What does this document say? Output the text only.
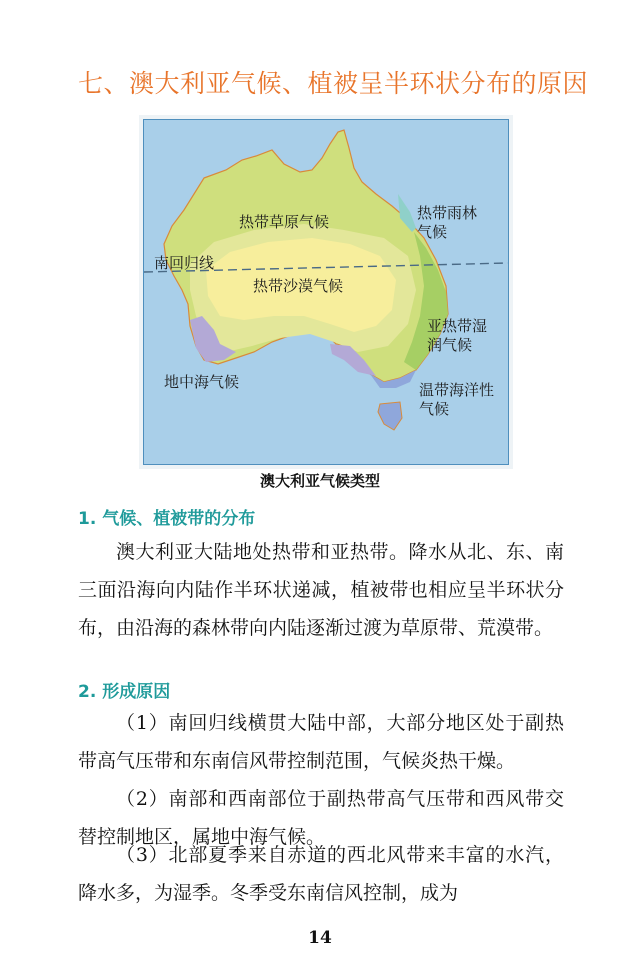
七、澳大利亚气候、植被呈半环状分布的原因
热带草原气候	热带雨林
气候
南回归线
热带沙漠气候
亚热带湿
润气候
地中海气候	温带海洋性
气候
澳大利亚气候类型
1. 气候、植被带的分布

澳大利亚大陆地处热带和亚热带。降水从北、东、南三面沿海向内陆作半环状递减，植被带也相应呈半环状分布，由沿海的森林带向内陆逐渐过渡为草原带、荒漠带。

2. 形成原因

（1）南回归线横贯大陆中部，大部分地区处于副热带高气压带和东南信风带控制范围，气候炎热干燥。

（2）南部和西南部位于副热带高气压带和西风带交替控制地区，属地中海气候。

（3）北部夏季来自赤道的西北风带来丰富的水汽，降水多，为湿季。冬季受东南信风控制，成为

14
